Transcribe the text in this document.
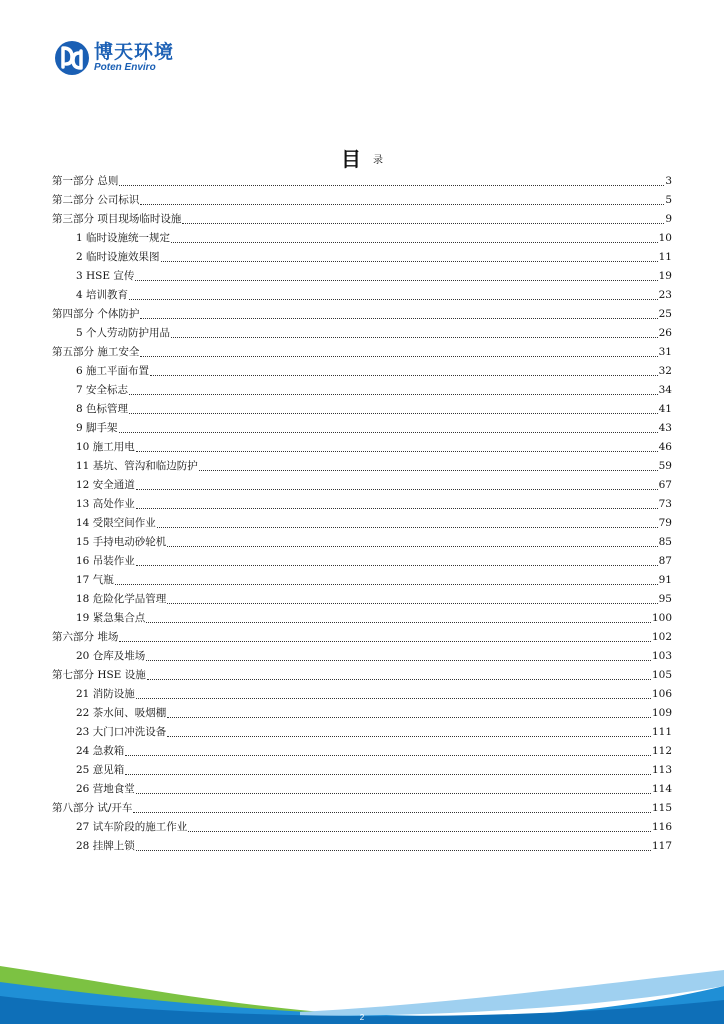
博天环境
Poten Enviro
目 录
第一部分 总则	3
第二部分 公司标识	5
第三部分 项目现场临时设施	9
1 临时设施统一规定	10
2 临时设施效果图	11
3 HSE 宣传	19
4 培训教育	23
第四部分 个体防护	25
5 个人劳动防护用品	26
第五部分 施工安全	31
6 施工平面布置	32
7 安全标志	34
8 色标管理	41
9 脚手架	43
10 施工用电	46
11 基坑、管沟和临边防护	59
12 安全通道	67
13 高处作业	73
14 受限空间作业	79
15 手持电动砂轮机	85
16 吊装作业	87
17 气瓶	91
18 危险化学品管理	95
19 紧急集合点	100
第六部分 堆场	102
20 仓库及堆场	103
第七部分 HSE 设施	105
21 消防设施	106
22 茶水间、吸烟棚	109
23 大门口冲洗设备	111
24 急救箱	112
25 意见箱	113
26 营地食堂	114
第八部分 试/开车	115
27 试车阶段的施工作业	116
28 挂牌上锁	117
2
